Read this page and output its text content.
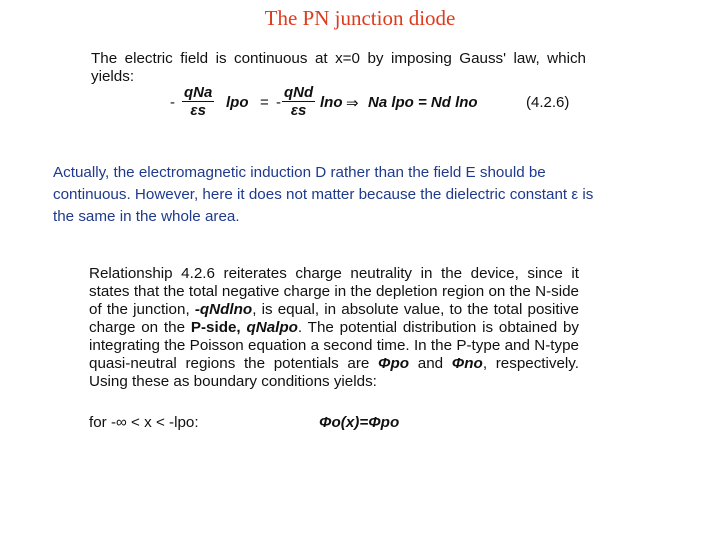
The PN junction diode
The electric field is continuous at x=0 by imposing Gauss' law, which yields:
-
qNa
εs	lpo = -
qNd
εs lno ⇒ Na lpo = Nd lno	(4.2.6)
Actually, the electromagnetic induction D rather than the field E should be continuous. However, here it does not matter because the dielectric constant ε is the same in the whole area.
Relationship 4.2.6 reiterates charge neutrality in the device, since it states that the total negative charge in the depletion region on the N-side of the junction, -qNdlno, is equal, in absolute value, to the total positive charge on the P-side, qNalpo. The potential distribution is obtained by integrating the Poisson equation a second time. In the P-type and N-type quasi-neutral regions the potentials are Φpo and Φno, respectively. Using these as boundary conditions yields:
for -∞ < x < -lpo:	Φo(x)=Φpo
